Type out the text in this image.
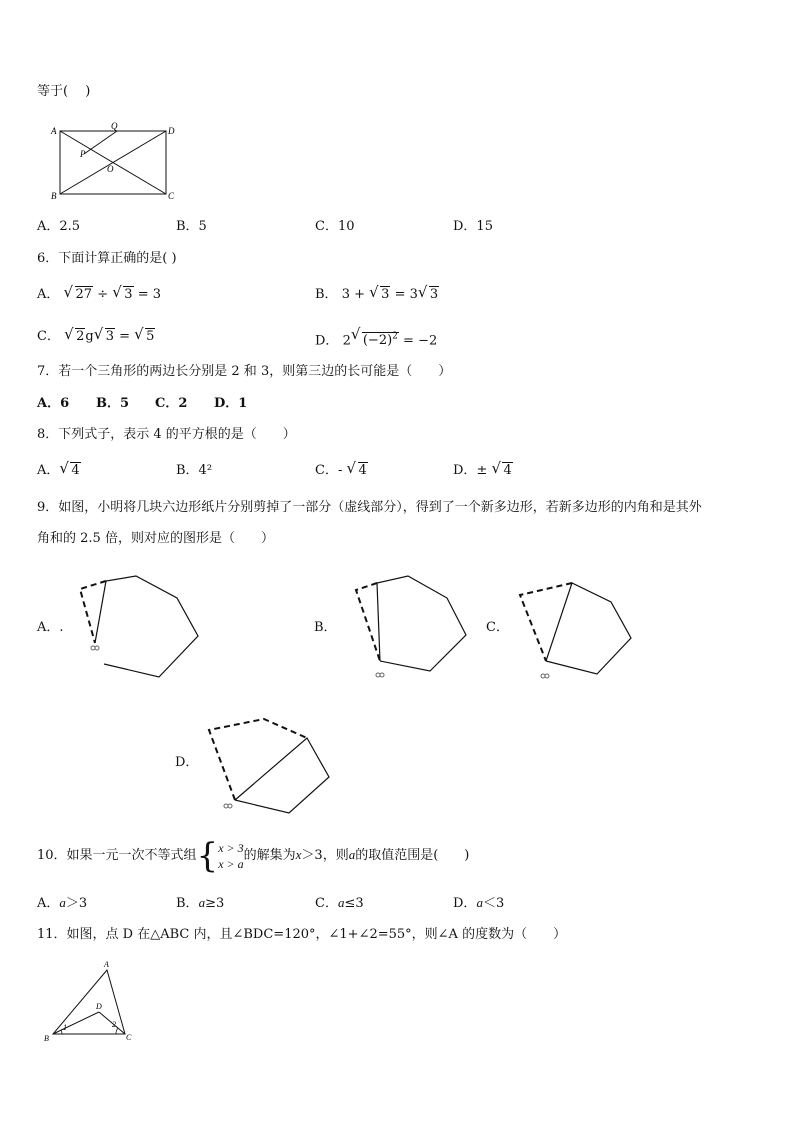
等于(　 )
A	Q	D
P
O
B	C
A．2.5	B．5	C．10	D．15
6．下面计算正确的是( )
A． √ 27 ÷ √ 3 = 3	B． 3 + √ 3 = 3 √ 3
C． √ 2g √ 3 = √ 5	D． 2 √ $(-2)^2 = -2$
7．若一个三角形的两边长分别是 2 和 3，则第三边的长可能是（　　）
A．6 B．5 C．2 D．1
8．下列式子，表示 4 的平方根的是（　　）
A． √ 4	B．4²	C．- √ 4	D．± √ 4
9．如图，小明将几块六边形纸片分别剪掉了一部分（虚线部分），得到了一个新多边形，若新多边形的内角和是其外
角和的 2.5 倍，则对应的图形是（　　）
A．.	B．	C．
D．
10．如果一元一次不等式组{x > 3
x > a的解集为x＞3，则a的取值范围是(　　)
A．a＞3	B．a≥3	C．a≤3	D．a＜3
11．如图，点 D 在△ABC 内，且∠BDC=120°，∠1+∠2=55°，则∠A 的度数为（　　）
A
D
B	C
1	2
